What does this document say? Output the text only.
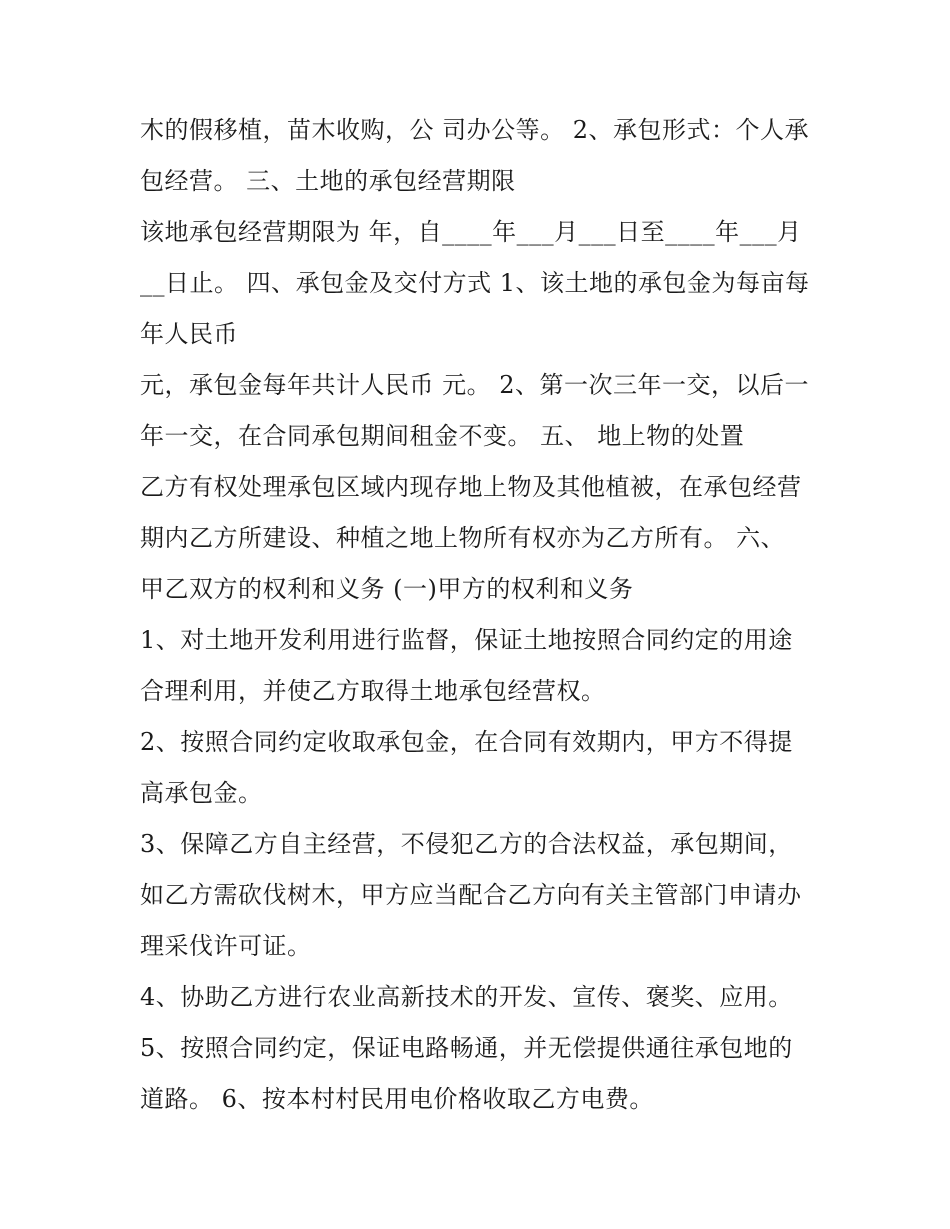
木的假移植，苗木收购，公 司办公等。 2、承包形式：个人承
包经营。 三、土地的承包经营期限
该地承包经营期限为 年，自____年___月___日至____年___月
__日止。 四、承包金及交付方式 1、该土地的承包金为每亩每
年人民币
元，承包金每年共计人民币 元。 2、第一次三年一交，以后一
年一交，在合同承包期间租金不变。 五、 地上物的处置
乙方有权处理承包区域内现存地上物及其他植被，在承包经营
期内乙方所建设、种植之地上物所有权亦为乙方所有。 六、
甲乙双方的权利和义务 (一)甲方的权利和义务
1、对土地开发利用进行监督，保证土地按照合同约定的用途
合理利用，并使乙方取得土地承包经营权。
2、按照合同约定收取承包金，在合同有效期内，甲方不得提
高承包金。
3、保障乙方自主经营，不侵犯乙方的合法权益，承包期间，
如乙方需砍伐树木，甲方应当配合乙方向有关主管部门申请办
理采伐许可证。
4、协助乙方进行农业高新技术的开发、宣传、褒奖、应用。
5、按照合同约定，保证电路畅通，并无偿提供通往承包地的
道路。 6、按本村村民用电价格收取乙方电费。
